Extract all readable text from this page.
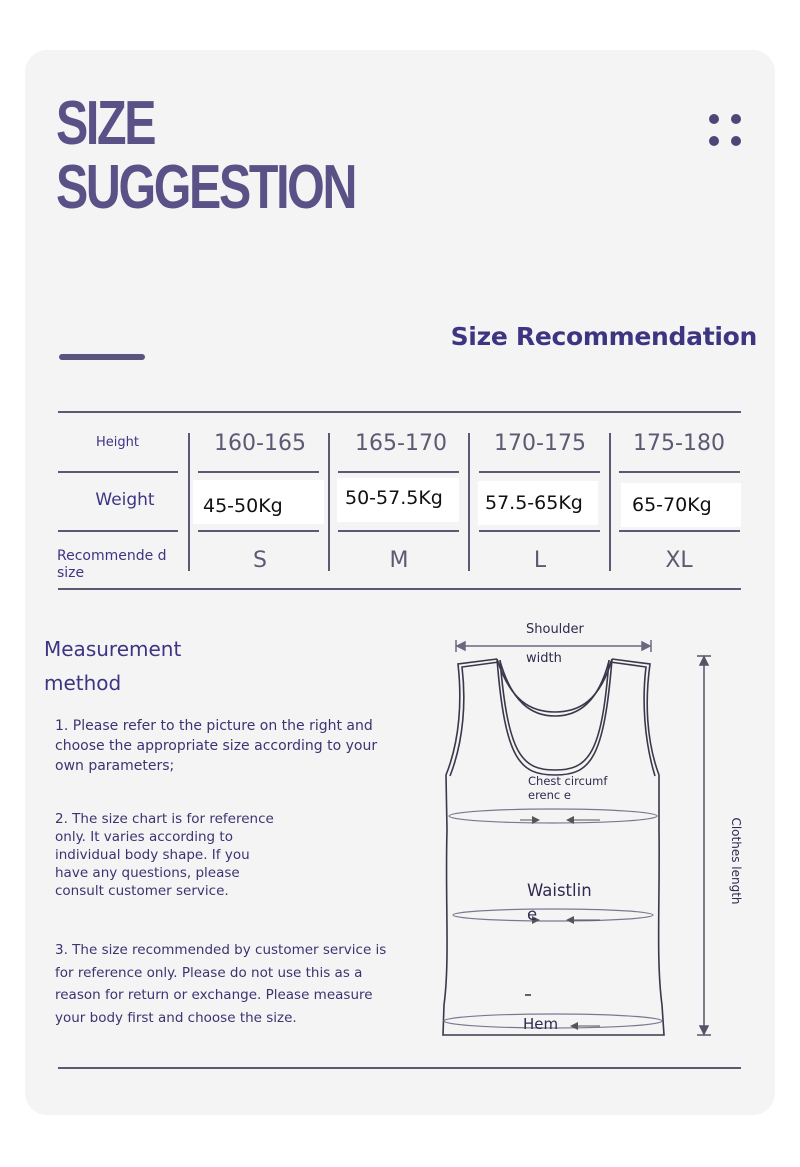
SIZE
SUGGESTION
Size Recommendation
Height
Weight
Recommende d size
160-165
45-50Kg
S
165-170
50-57.5Kg
M
170-175
57.5-65Kg
L
175-180
65-70Kg
XL
Measurement method

1. Please refer to the picture on the right and choose the appropriate size according to your own parameters;

2. The size chart is for reference only. It varies according to individual body shape. If you have any questions, please consult customer service.

3. The size recommended by customer service is for reference only. Please do not use this as a reason for return or exchange. Please measure your body first and choose the size.

Shoulder
width
Chest circumferenc e
Waistlin e
Hem
Clothes length
